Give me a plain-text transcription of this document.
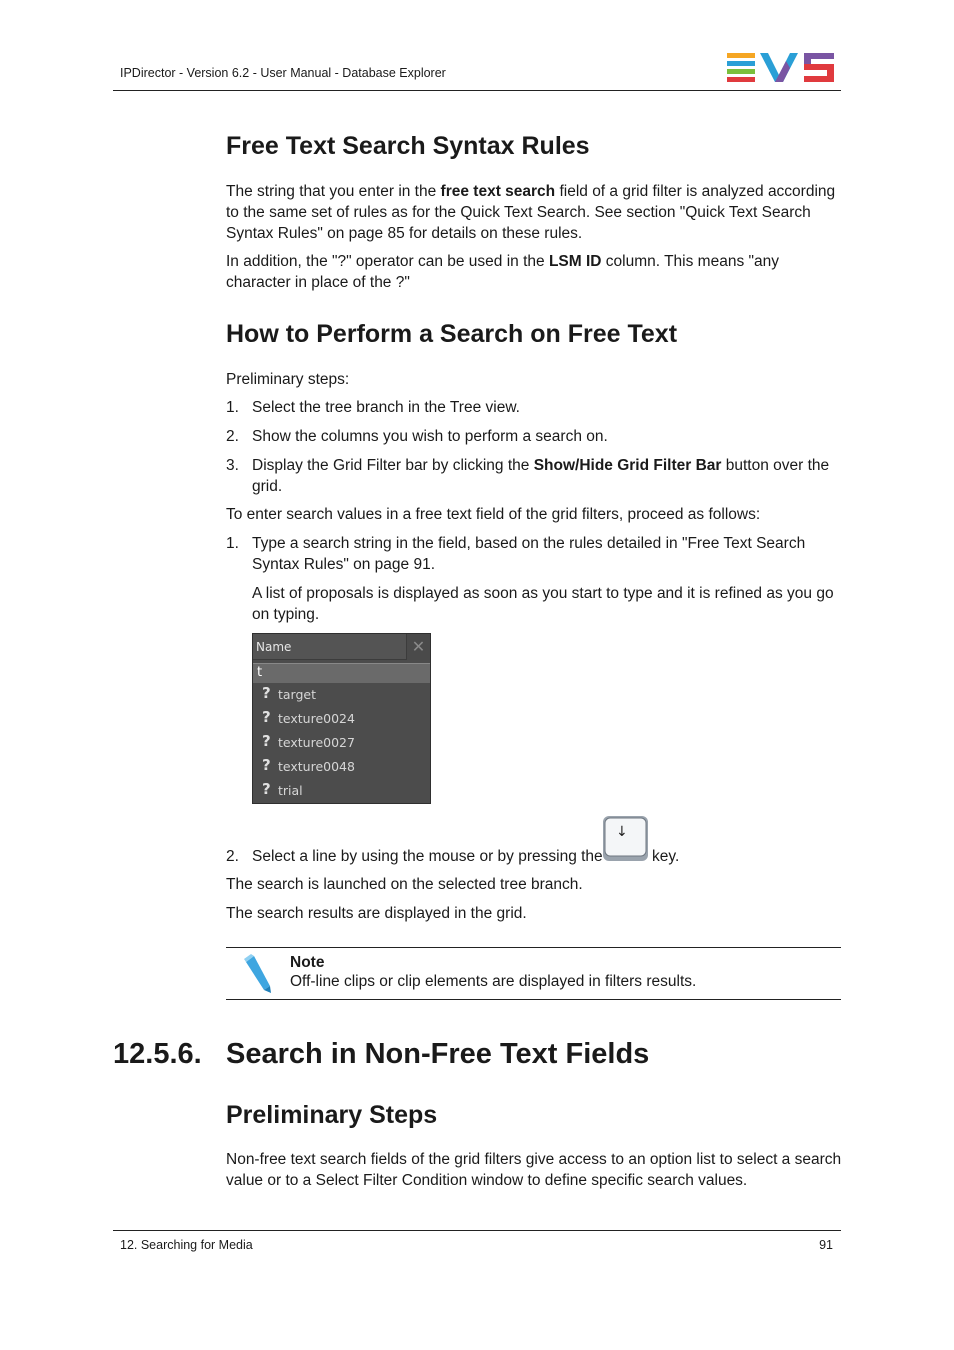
IPDirector - Version 6.2 - User Manual - Database Explorer
Free Text Search Syntax Rules
The string that you enter in the free text search field of a grid filter is analyzed according to the same set of rules as for the Quick Text Search. See section "Quick Text Search Syntax Rules" on page 85 for details on these rules.
In addition, the "?" operator can be used in the LSM ID column. This means "any character in place of the ?"
How to Perform a Search on Free Text
Preliminary steps:
1. Select the tree branch in the Tree view.
2. Show the columns you wish to perform a search on.
3. Display the Grid Filter bar by clicking the Show/Hide Grid Filter Bar button over the grid.
To enter search values in a free text field of the grid filters, proceed as follows:
1. Type a search string in the field, based on the rules detailed in "Free Text Search Syntax Rules" on page 91.
A list of proposals is displayed as soon as you start to type and it is refined as you go on typing.
Name	✕
t
? target
? texture0024
? texture0027
? texture0048
? trial
2. Select a line by using the mouse or by pressing the
↓
key.
The search is launched on the selected tree branch.
The search results are displayed in the grid.
Note
Off-line clips or clip elements are displayed in filters results.
12.5.6. Search in Non-Free Text Fields
Preliminary Steps
Non-free text search fields of the grid filters give access to an option list to select a search value or to a Select Filter Condition window to define specific search values.
12. Searching for Media	91
